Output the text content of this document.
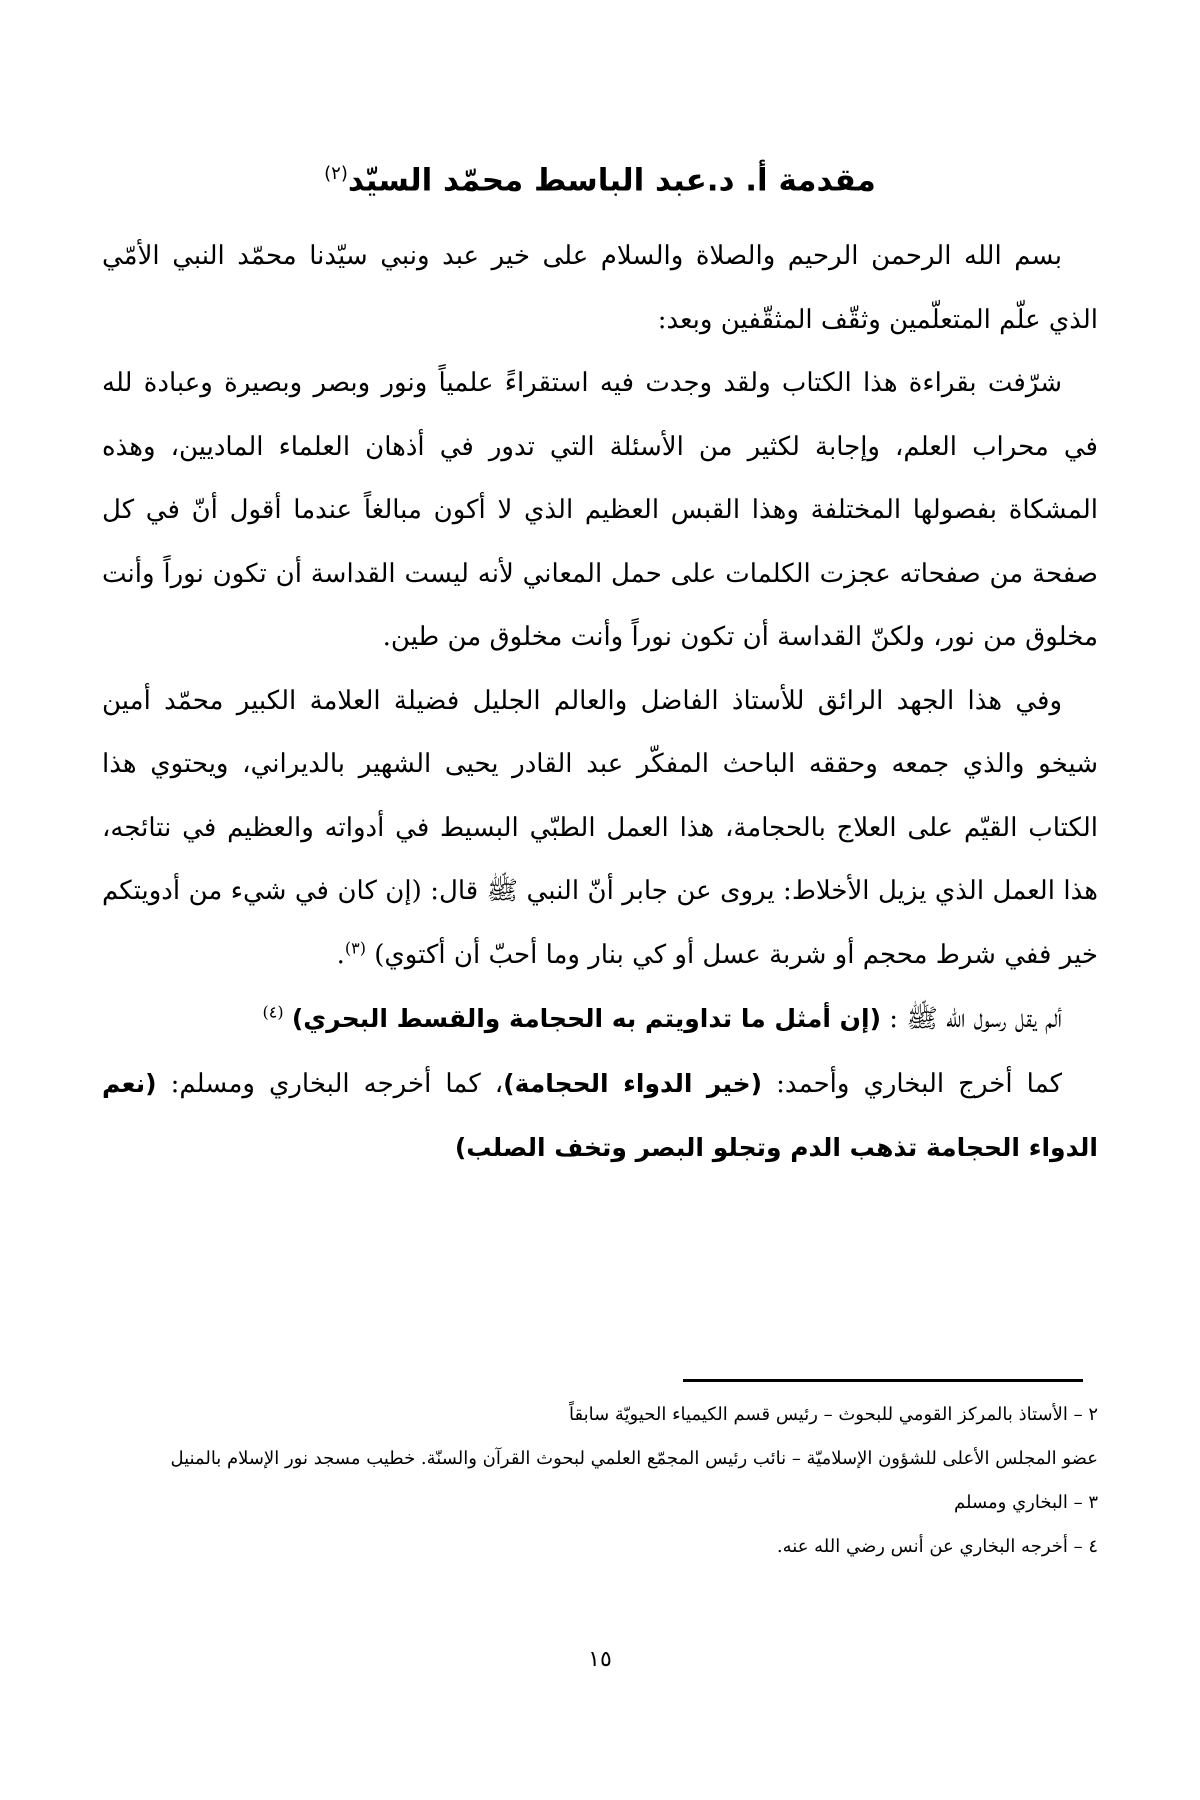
مقدمة أ. د.عبد الباسط محمّد السيّد$^{(٢)}$

بسم الله الرحمن الرحيم والصلاة والسلام على خير عبد ونبي سيّدنا محمّد النبي الأمّي الذي علّم المتعلّمين وثقّف المثقّفين وبعد:

شرّفت بقراءة هذا الكتاب ولقد وجدت فيه استقراءً علمياً ونور وبصر وبصيرة وعبادة لله في محراب العلم، وإجابة لكثير من الأسئلة التي تدور في أذهان العلماء الماديين، وهذه المشكاة بفصولها المختلفة وهذا القبس العظيم الذي لا أكون مبالغاً عندما أقول أنّ في كل صفحة من صفحاته عجزت الكلمات على حمل المعاني لأنه ليست القداسة أن تكون نوراً وأنت مخلوق من نور، ولكنّ القداسة أن تكون نوراً وأنت مخلوق من طين.

وفي هذا الجهد الرائق للأستاذ الفاضل والعالم الجليل فضيلة العلامة الكبير محمّد أمين شيخو والذي جمعه وحققه الباحث المفكّر عبد القادر يحيى الشهير بالديراني، ويحتوي هذا الكتاب القيّم على العلاج بالحجامة، هذا العمل الطبّي البسيط في أدواته والعظيم في نتائجه، هذا العمل الذي يزيل الأخلاط: يروى عن جابر أنّ النبي ﷺ قال: (إن كان في شيء من أدويتكم خير ففي شرط محجم أو شربة عسل أو كي بنار وما أحبّ أن أكتوي) $^{(٣)}$.

ألم يقل رسول الله ﷺ : (إن أمثل ما تداويتم به الحجامة والقسط البحري) $^{(٤)}$

كما أخرج البخاري وأحمد: (خير الدواء الحجامة)، كما أخرجه البخاري ومسلم: (نعم الدواء الحجامة تذهب الدم وتجلو البصر وتخف الصلب)

٢ – الأستاذ بالمركز القومي للبحوث – رئيس قسم الكيمياء الحيويّة سابقاً

عضو المجلس الأعلى للشؤون الإسلاميّة – نائب رئيس المجمّع العلمي لبحوث القرآن والسنّة. خطيب مسجد نور الإسلام بالمنيل

٣ – البخاري ومسلم

٤ – أخرجه البخاري عن أنس رضي الله عنه.

١٥
